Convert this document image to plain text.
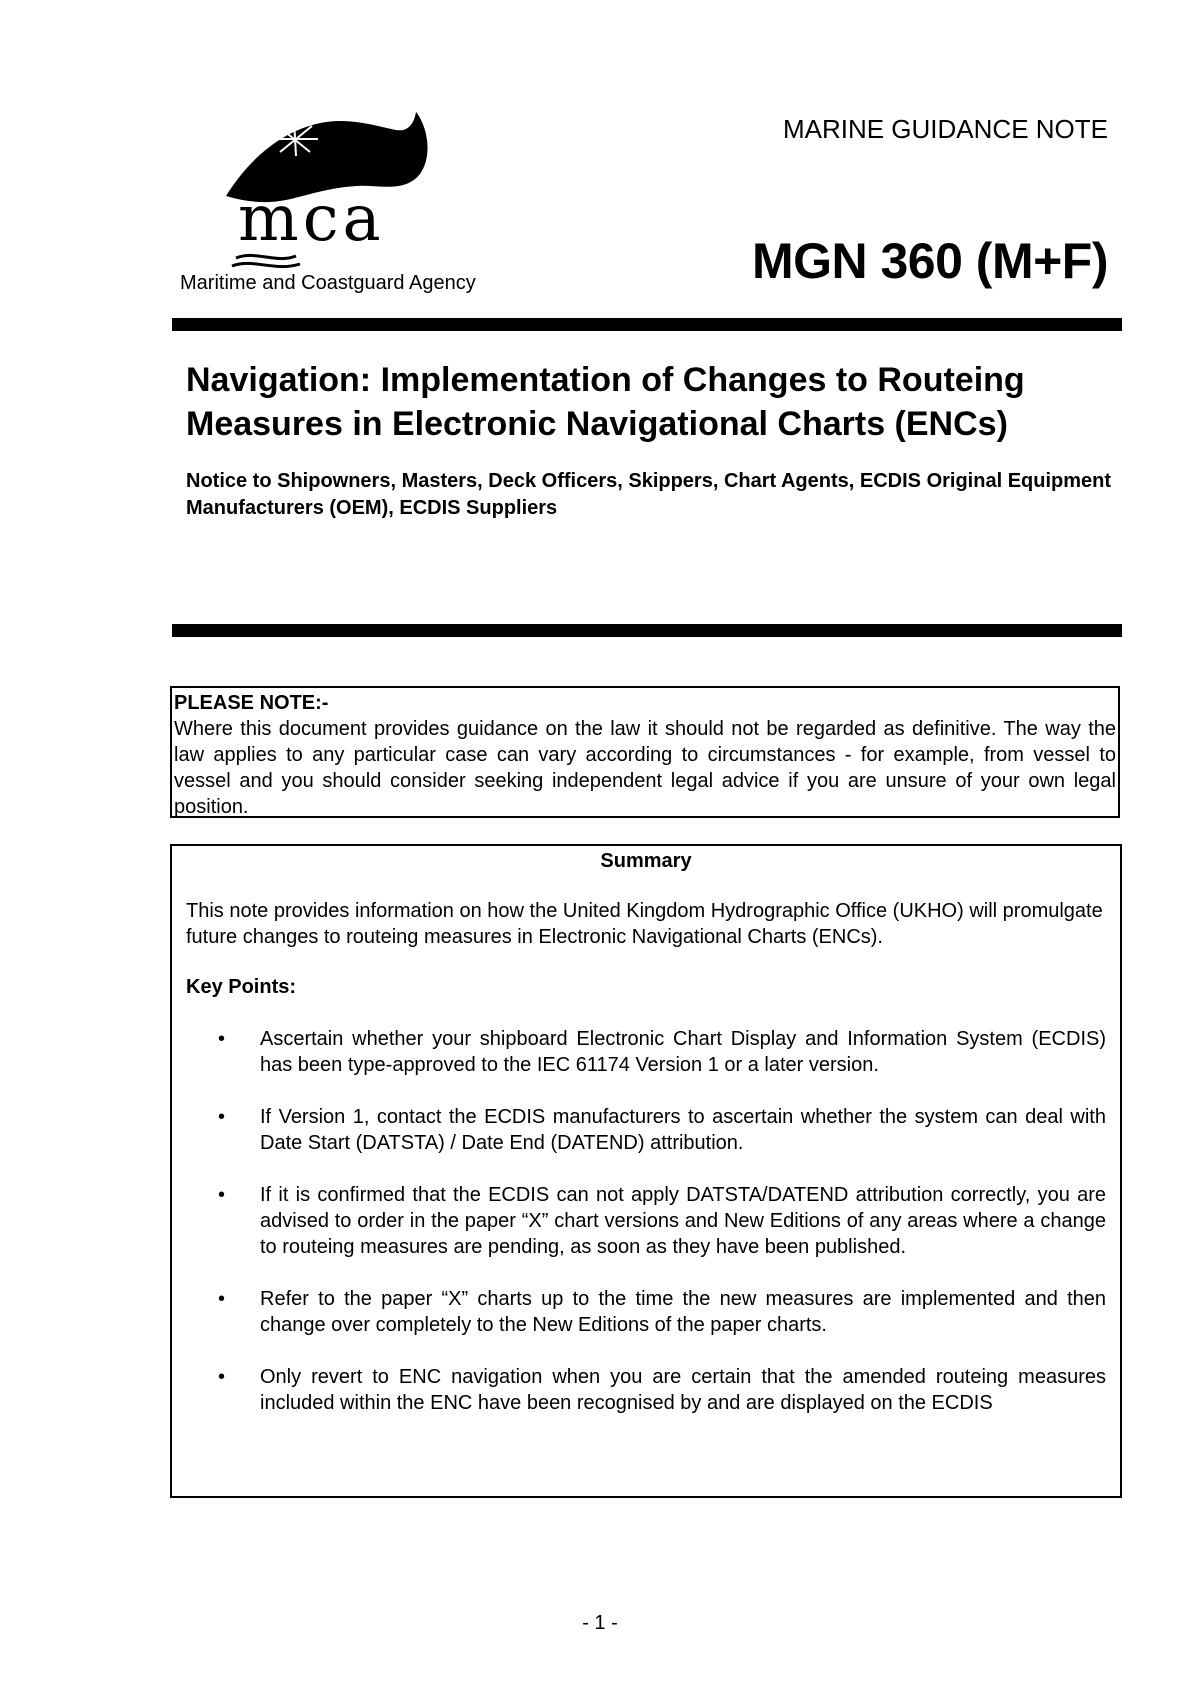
mca
Maritime and Coastguard Agency
MARINE GUIDANCE NOTE
MGN 360 (M+F)
Navigation: Implementation of Changes to Routeing Measures in Electronic Navigational Charts (ENCs)

Notice to Shipowners, Masters, Deck Officers, Skippers, Chart Agents, ECDIS Original Equipment Manufacturers (OEM), ECDIS Suppliers

PLEASE NOTE:-
Where this document provides guidance on the law it should not be regarded as definitive. The way the law applies to any particular case can vary according to circumstances - for example, from vessel to vessel and you should consider seeking independent legal advice if you are unsure of your own legal position.
Summary
This note provides information on how the United Kingdom Hydrographic Office (UKHO) will promulgate future changes to routeing measures in Electronic Navigational Charts (ENCs).
Key Points:
• Ascertain whether your shipboard Electronic Chart Display and Information System (ECDIS) has been type-approved to the IEC 61174 Version 1 or a later version.
• If Version 1, contact the ECDIS manufacturers to ascertain whether the system can deal with Date Start (DATSTA) / Date End (DATEND) attribution.
• If it is confirmed that the ECDIS can not apply DATSTA/DATEND attribution correctly, you are advised to order in the paper “X” chart versions and New Editions of any areas where a change to routeing measures are pending, as soon as they have been published.
• Refer to the paper “X” charts up to the time the new measures are implemented and then change over completely to the New Editions of the paper charts.
• Only revert to ENC navigation when you are certain that the amended routeing measures included within the ENC have been recognised by and are displayed on the ECDIS
- 1 -
